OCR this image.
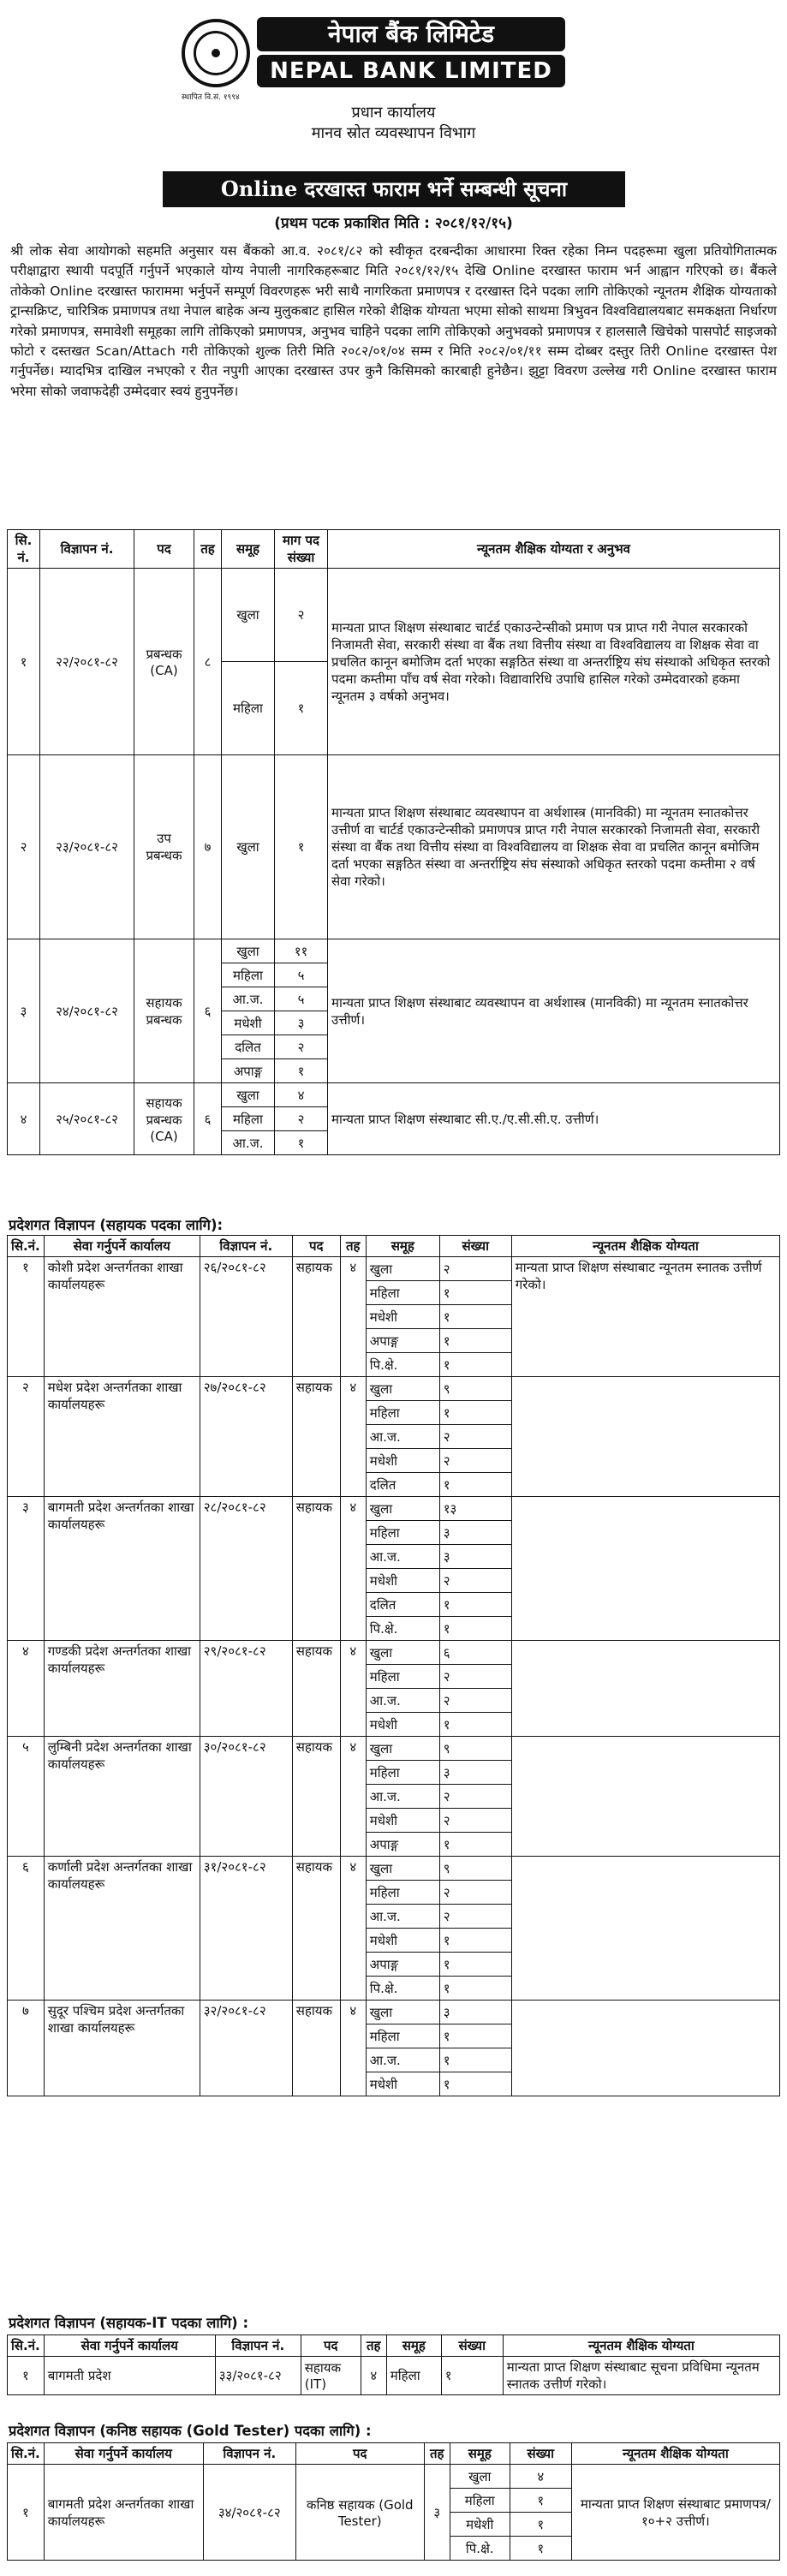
नेपाल बैंक लिमिटेड
NEPAL BANK LIMITED
स्थापित वि.सं. १९९४
प्रधान कार्यालय
मानव स्रोत व्यवस्थापन विभाग
Online दरखास्त फाराम भर्ने सम्बन्धी सूचना
(प्रथम पटक प्रकाशित मिति : २०८१/१२/१५)
श्री लोक सेवा आयोगको सहमति अनुसार यस बैंकको आ.व. २०८१/८२ को स्वीकृत दरबन्दीका आधारमा रिक्त रहेका निम्न पदहरूमा खुला प्रतियोगितात्मक परीक्षाद्वारा स्थायी पदपूर्ति गर्नुपर्ने भएकाले योग्य नेपाली नागरिकहरूबाट मिति २०८१/१२/१५ देखि Online दरखास्त फाराम भर्न आह्वान गरिएको छ। बैंकले तोकेको Online दरखास्त फाराममा भर्नुपर्ने सम्पूर्ण विवरणहरू भरी साथै नागरिकता प्रमाणपत्र र दरखास्त दिने पदका लागि तोकिएको न्यूनतम शैक्षिक योग्यताको ट्रान्सक्रिप्ट, चारित्रिक प्रमाणपत्र तथा नेपाल बाहेक अन्य मुलुकबाट हासिल गरेको शैक्षिक योग्यता भएमा सोको साथमा त्रिभुवन विश्वविद्यालयबाट समकक्षता निर्धारण गरेको प्रमाणपत्र, समावेशी समूहका लागि तोकिएको प्रमाणपत्र, अनुभव चाहिने पदका लागि तोकिएको अनुभवको प्रमाणपत्र र हालसालै खिचेको पासपोर्ट साइजको फोटो र दस्तखत Scan/Attach गरी तोकिएको शुल्क तिरी मिति २०८२/०१/०४ सम्म र मिति २०८२/०१/११ सम्म दोब्बर दस्तुर तिरी Online दरखास्त पेश गर्नुपर्नेछ। म्यादभित्र दाखिल नभएको र रीत नपुगी आएका दरखास्त उपर कुनै किसिमको कारबाही हुनेछैन। झुट्टा विवरण उल्लेख गरी Online दरखास्त फाराम भरेमा सोको जवाफदेही उम्मेदवार स्वयं हुनुपर्नेछ।
सि. नं.	विज्ञापन नं.	पद	तह	समूह	माग पद संख्या	न्यूनतम शैक्षिक योग्यता र अनुभव
१	२२/२०८१-८२	प्रबन्धक (CA)	८	खुला	२	मान्यता प्राप्त शिक्षण संस्थाबाट चार्टर्ड एकाउन्टेन्सीको प्रमाण पत्र प्राप्त गरी नेपाल सरकारको निजामती सेवा, सरकारी संस्था वा बैंक तथा वित्तीय संस्था वा विश्वविद्यालय वा शिक्षक सेवा वा प्रचलित कानून बमोजिम दर्ता भएका सङ्गठित संस्था वा अन्तर्राष्ट्रिय संघ संस्थाको अधिकृत स्तरको पदमा कम्तीमा पाँच वर्ष सेवा गरेको। विद्यावारिधि उपाधि हासिल गरेको उम्मेदवारको हकमा न्यूनतम ३ वर्षको अनुभव।
				महिला	१	
२	२३/२०८१-८२	उप प्रबन्धक	७	खुला	१	मान्यता प्राप्त शिक्षण संस्थाबाट व्यवस्थापन वा अर्थशास्त्र (मानविकी) मा न्यूनतम स्नातकोत्तर उत्तीर्ण वा चार्टर्ड एकाउन्टेन्सीको प्रमाणपत्र प्राप्त गरी नेपाल सरकारको निजामती सेवा, सरकारी संस्था वा बैंक तथा वित्तीय संस्था वा विश्वविद्यालय वा शिक्षक सेवा वा प्रचलित कानून बमोजिम दर्ता भएका सङ्गठित संस्था वा अन्तर्राष्ट्रिय संघ संस्थाको अधिकृत स्तरको पदमा कम्तीमा २ वर्ष सेवा गरेको।
३	२४/२०८१-८२	सहायक प्रबन्धक	६	खुला	११	मान्यता प्राप्त शिक्षण संस्थाबाट व्यवस्थापन वा अर्थशास्त्र (मानविकी) मा न्यूनतम स्नातकोत्तर उत्तीर्ण।
				महिला	५	
				आ.ज.	५	
				मधेशी	३	
				दलित	२	
				अपाङ्ग	१	
४	२५/२०८१-८२	सहायक प्रबन्धक (CA)	६	खुला	४	मान्यता प्राप्त शिक्षण संस्थाबाट सी.ए./ए.सी.सी.ए. उत्तीर्ण।
				महिला	२	
				आ.ज.	१	
प्रदेशगत विज्ञापन (सहायक पदका लागि):
सि.नं.	सेवा गर्नुपर्ने कार्यालय	विज्ञापन नं.	पद	तह	समूह	संख्या	न्यूनतम शैक्षिक योग्यता
१	कोशी प्रदेश अन्तर्गतका शाखा कार्यालयहरू	२६/२०८१-८२	सहायक	४	खुला	२	मान्यता प्राप्त शिक्षण संस्थाबाट न्यूनतम स्नातक उत्तीर्ण गरेको।
					महिला	१	
					मधेशी	१	
					अपाङ्ग	१	
					पि.क्षे.	१	
२	मधेश प्रदेश अन्तर्गतका शाखा कार्यालयहरू	२७/२०८१-८२	सहायक	४	खुला	९	
					महिला	१	
					आ.ज.	२	
					मधेशी	२	
					दलित	१	
३	बागमती प्रदेश अन्तर्गतका शाखा कार्यालयहरू	२८/२०८१-८२	सहायक	४	खुला	१३	
					महिला	३	
					आ.ज.	३	
					मधेशी	२	
					दलित	१	
					पि.क्षे.	१	
४	गण्डकी प्रदेश अन्तर्गतका शाखा कार्यालयहरू	२९/२०८१-८२	सहायक	४	खुला	६	
					महिला	२	
					आ.ज.	२	
					मधेशी	१	
५	लुम्बिनी प्रदेश अन्तर्गतका शाखा कार्यालयहरू	३०/२०८१-८२	सहायक	४	खुला	९	
					महिला	३	
					आ.ज.	२	
					मधेशी	२	
					अपाङ्ग	१	
६	कर्णाली प्रदेश अन्तर्गतका शाखा कार्यालयहरू	३१/२०८१-८२	सहायक	४	खुला	९	
					महिला	२	
					आ.ज.	२	
					मधेशी	१	
					अपाङ्ग	१	
					पि.क्षे.	१	
७	सुदूर पश्चिम प्रदेश अन्तर्गतका शाखा कार्यालयहरू	३२/२०८१-८२	सहायक	४	खुला	३	
					महिला	१	
					आ.ज.	१	
					मधेशी	१	
प्रदेशगत विज्ञापन (सहायक-IT पदका लागि) :
सि.नं.	सेवा गर्नुपर्ने कार्यालय	विज्ञापन नं.	पद	तह	समूह	संख्या	न्यूनतम शैक्षिक योग्यता
१	बागमती प्रदेश	३३/२०८१-८२	सहायक (IT)	४	महिला	१	मान्यता प्राप्त शिक्षण संस्थाबाट सूचना प्रविधिमा न्यूनतम स्नातक उत्तीर्ण गरेको।
प्रदेशगत विज्ञापन (कनिष्ठ सहायक (Gold Tester) पदका लागि) :
सि.नं.	सेवा गर्नुपर्ने कार्यालय	विज्ञापन नं.	पद	तह	समूह	संख्या	न्यूनतम शैक्षिक योग्यता
१	बागमती प्रदेश अन्तर्गतका शाखा कार्यालयहरू	३४/२०८१-८२	कनिष्ठ सहायक (Gold Tester)	३	खुला	४	मान्यता प्राप्त शिक्षण संस्थाबाट प्रमाणपत्र/१०+२ उत्तीर्ण।
					महिला	१	
					मधेशी	१	
					पि.क्षे.	१	
